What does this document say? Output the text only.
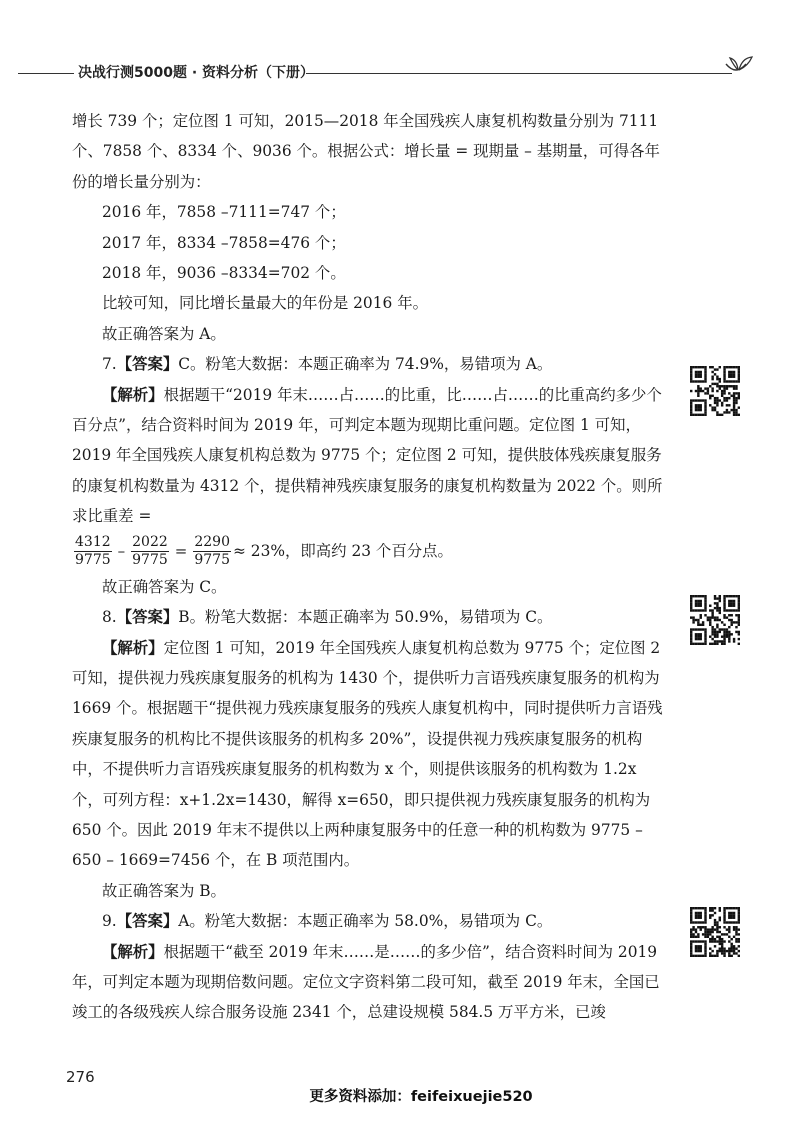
决战行测5000题 · 资料分析（下册）

增长 739 个；定位图 1 可知，2015—2018 年全国残疾人康复机构数量分别为 7111 个、7858 个、8334 个、9036 个。根据公式：增长量 = 现期量 – 基期量，可得各年份的增长量分别为：

2016 年，7858 –7111=747 个；

2017 年，8334 –7858=476 个；

2018 年，9036 –8334=702 个。

比较可知，同比增长量最大的年份是 2016 年。

故正确答案为 A。

7.【答案】C。粉笔大数据：本题正确率为 74.9%，易错项为 A。

【解析】根据题干“2019 年末……占……的比重，比……占……的比重高约多少个百分点”，结合资料时间为 2019 年，可判定本题为现期比重问题。定位图 1 可知，2019 年全国残疾人康复机构总数为 9775 个；定位图 2 可知，提供肢体残疾康复服务的康复机构数量为 4312 个，提供精神残疾康复服务的康复机构数量为 2022 个。则所求比重差 =

$\frac{4312}{9775} - \frac{2022}{9775} = \frac{2290}{9775} \approx 23\%$，即高约 23 个百分点。

故正确答案为 C。

8.【答案】B。粉笔大数据：本题正确率为 50.9%，易错项为 C。

【解析】定位图 1 可知，2019 年全国残疾人康复机构总数为 9775 个；定位图 2 可知，提供视力残疾康复服务的机构为 1430 个，提供听力言语残疾康复服务的机构为 1669 个。根据题干“提供视力残疾康复服务的残疾人康复机构中，同时提供听力言语残疾康复服务的机构比不提供该服务的机构多 20%”，设提供视力残疾康复服务的机构中，不提供听力言语残疾康复服务的机构数为 x 个，则提供该服务的机构数为 1.2x 个，可列方程：x+1.2x=1430，解得 x=650，即只提供视力残疾康复服务的机构为 650 个。因此 2019 年末不提供以上两种康复服务中的任意一种的机构数为 9775 – 650 – 1669=7456 个，在 B 项范围内。

故正确答案为 B。

9.【答案】A。粉笔大数据：本题正确率为 58.0%，易错项为 C。

【解析】根据题干“截至 2019 年末……是……的多少倍”，结合资料时间为 2019 年，可判定本题为现期倍数问题。定位文字资料第二段可知，截至 2019 年末，全国已竣工的各级残疾人综合服务设施 2341 个，总建设规模 584.5 万平方米，已竣

276
更多资料添加：feifeixuejie520
